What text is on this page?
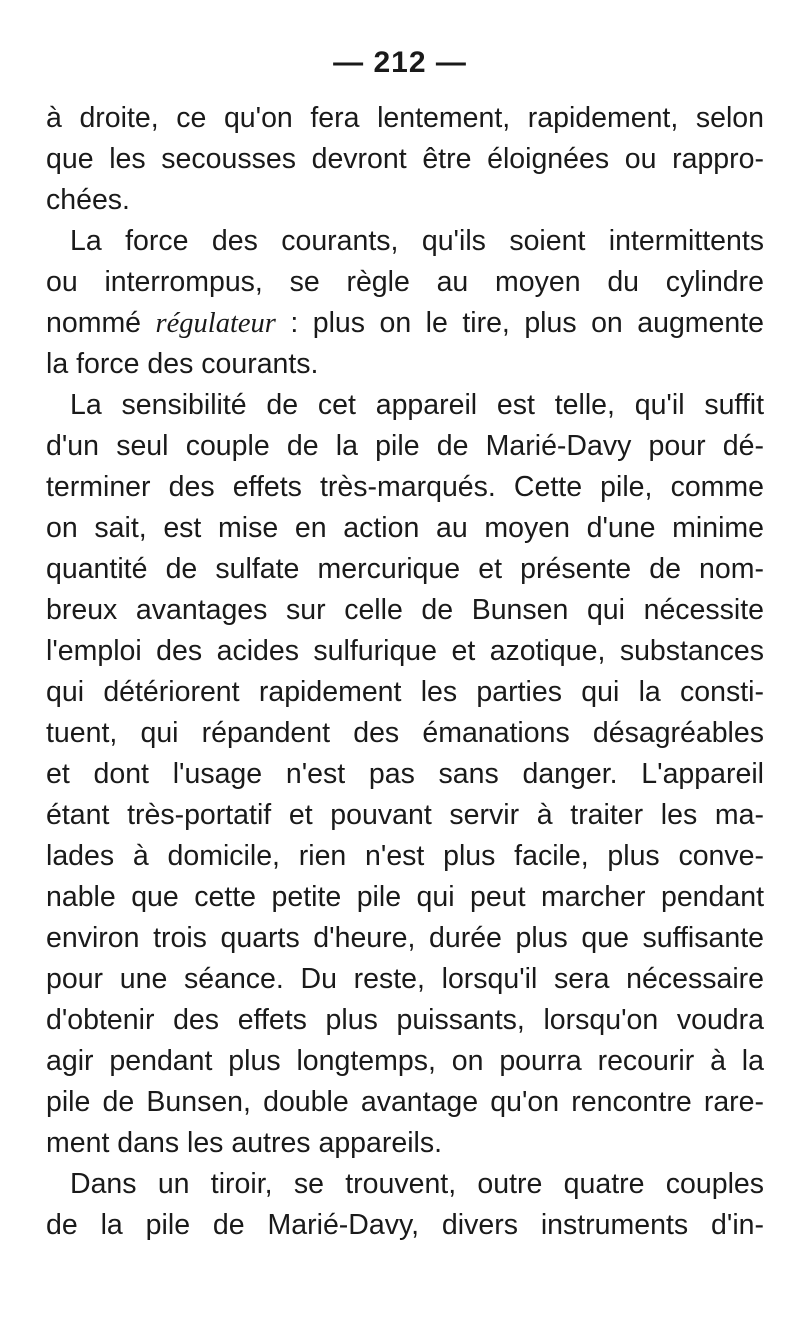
— 212 —
à droite, ce qu'on fera lentement, rapidement, selon
que les secousses devront être éloignées ou rappro-
chées.
La force des courants, qu'ils soient intermittents
ou interrompus, se règle au moyen du cylindre
nommé régulateur : plus on le tire, plus on augmente
la force des courants.
La sensibilité de cet appareil est telle, qu'il suffit
d'un seul couple de la pile de Marié-Davy pour dé-
terminer des effets très-marqués. Cette pile, comme
on sait, est mise en action au moyen d'une minime
quantité de sulfate mercurique et présente de nom-
breux avantages sur celle de Bunsen qui nécessite
l'emploi des acides sulfurique et azotique, substances
qui détériorent rapidement les parties qui la consti-
tuent, qui répandent des émanations désagréables
et dont l'usage n'est pas sans danger. L'appareil
étant très-portatif et pouvant servir à traiter les ma-
lades à domicile, rien n'est plus facile, plus conve-
nable que cette petite pile qui peut marcher pendant
environ trois quarts d'heure, durée plus que suffisante
pour une séance. Du reste, lorsqu'il sera nécessaire
d'obtenir des effets plus puissants, lorsqu'on voudra
agir pendant plus longtemps, on pourra recourir à la
pile de Bunsen, double avantage qu'on rencontre rare-
ment dans les autres appareils.
Dans un tiroir, se trouvent, outre quatre couples
de la pile de Marié-Davy, divers instruments d'in-
